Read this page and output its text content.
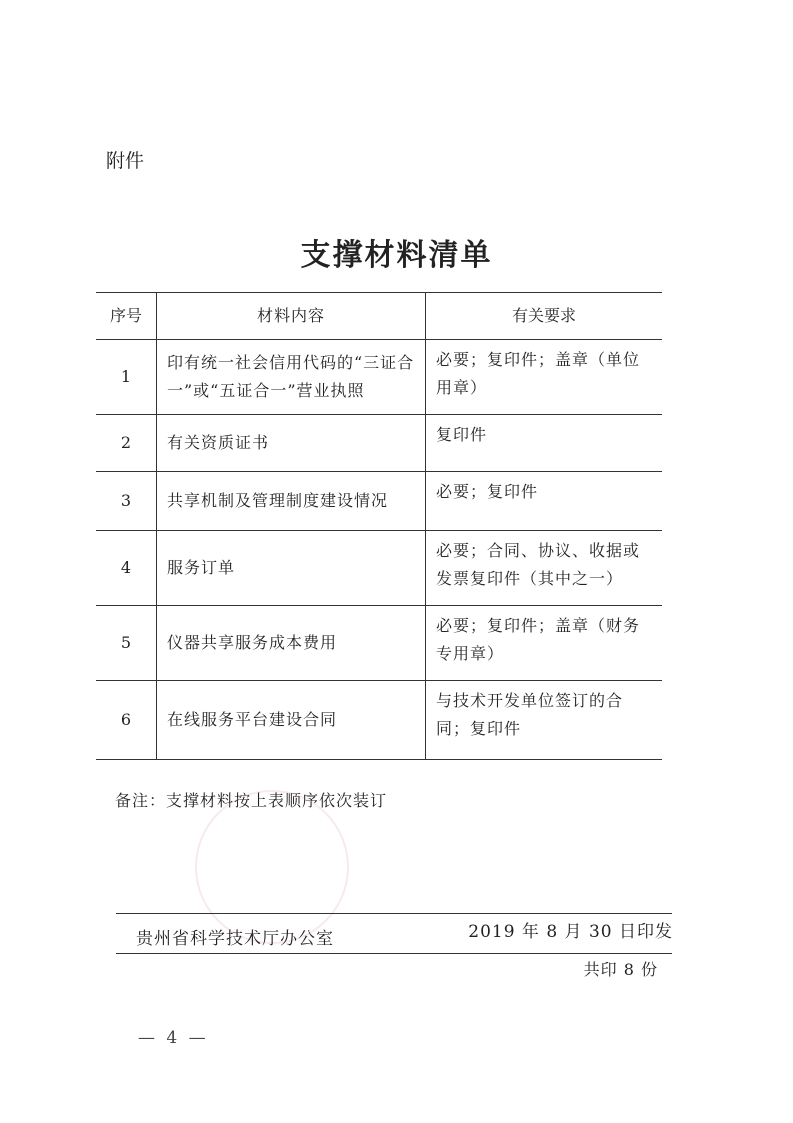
附件
支撑材料清单
序号	材料内容	有关要求
1	印有统一社会信用代码的“三证合一”或“五证合一”营业执照	必要；复印件；盖章（单位用章）
2	有关资质证书	复印件
3	共享机制及管理制度建设情况	必要；复印件
4	服务订单	必要；合同、协议、收据或发票复印件（其中之一）
5	仪器共享服务成本费用	必要；复印件；盖章（财务专用章）
6	在线服务平台建设合同	与技术开发单位签订的合同；复印件
备注：支撑材料按上表顺序依次装订
贵州省科学技术厅办公室	2019 年 8 月 30 日印发
共印 8 份
— 4 —
